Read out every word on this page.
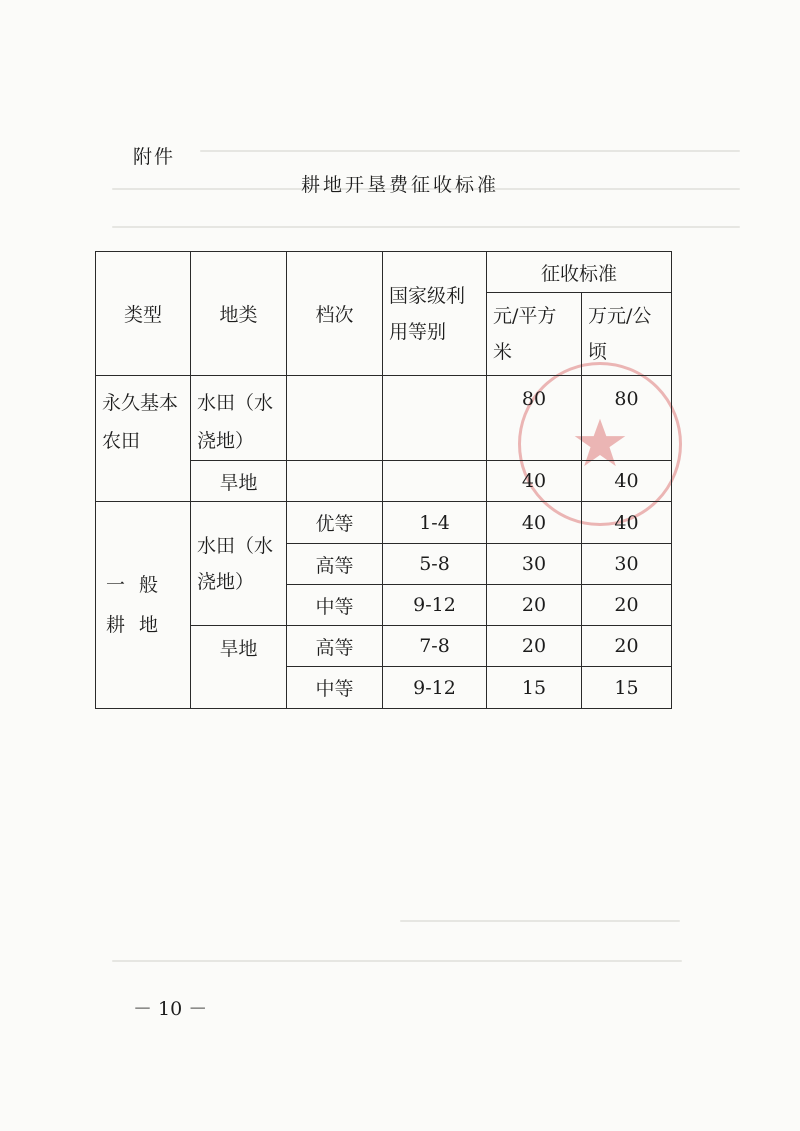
附件
耕地开垦费征收标准
类型	地类	档次	国家级利用等别	征收标准	
				元/平方米	万元/公顷
永久基本农田	水田（水浇地）			80	80
	旱地			40	40
一般耕地	水田（水浇地）	优等	1-4	40	40
		高等	5-8	30	30
		中等	9-12	20	20
	旱地	高等	7-8	20	20
		中等	9-12	15	15
－ 10 －
